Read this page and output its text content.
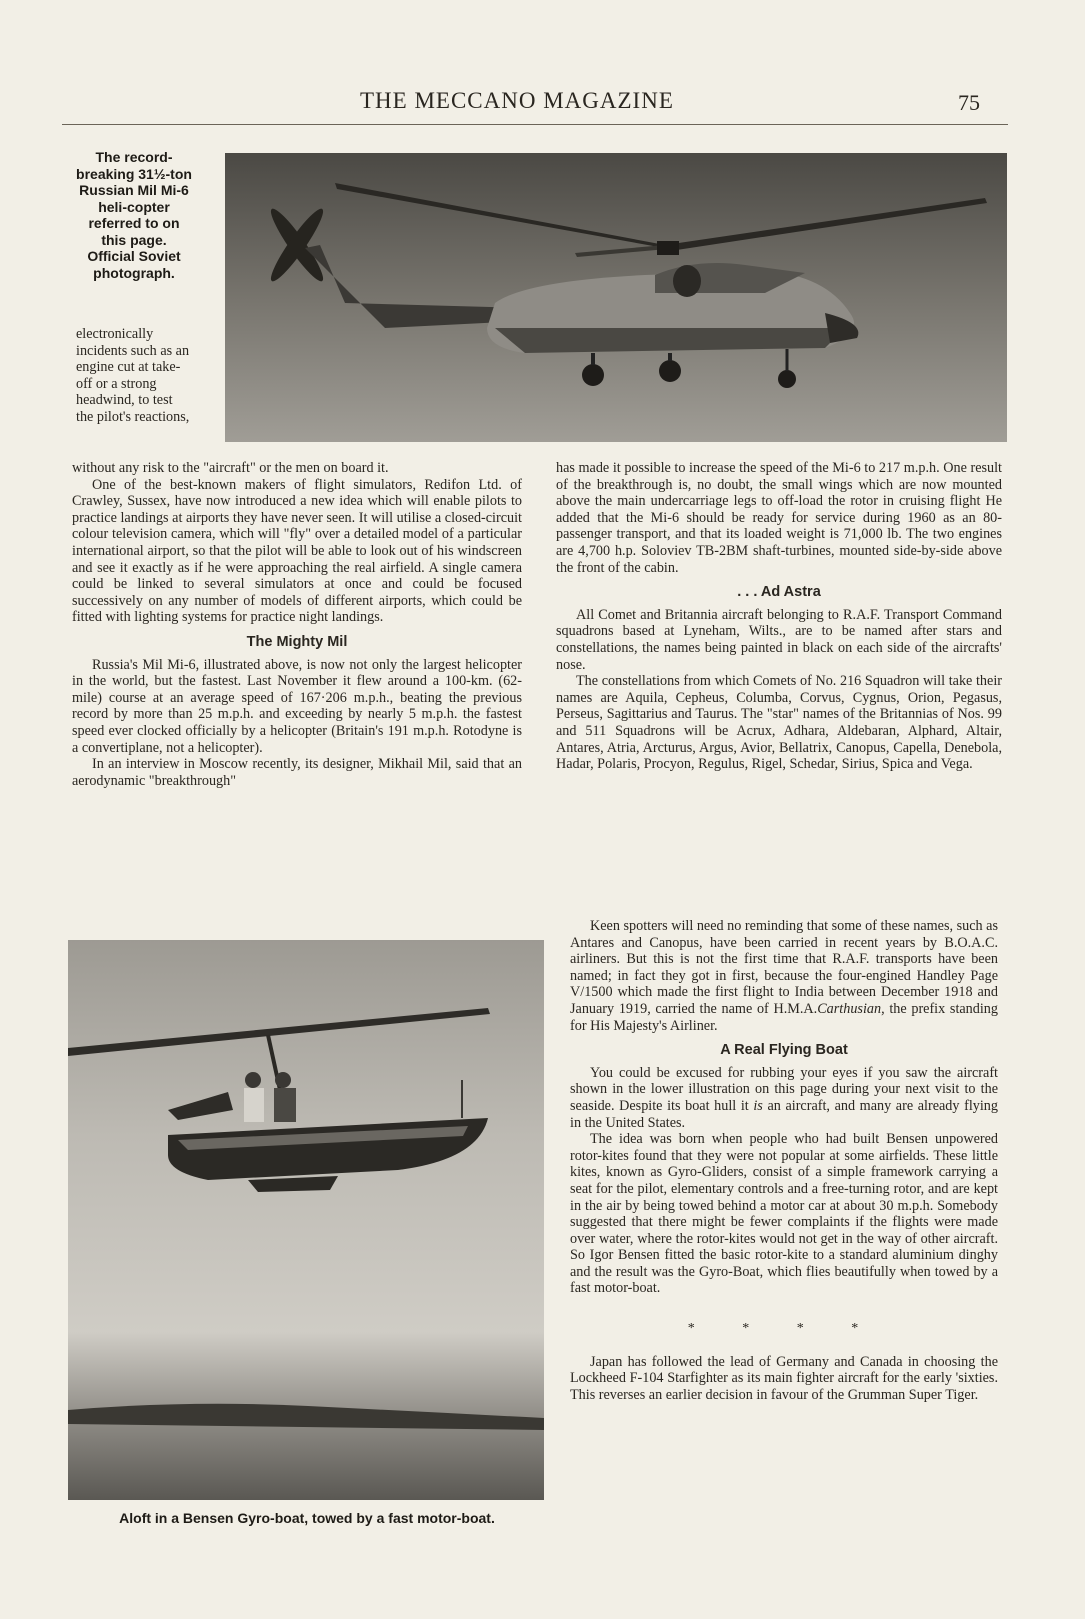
THE MECCANO MAGAZINE	75
The record-breaking 31½-ton Russian Mil Mi-6 heli-copter referred to on this page. Official Soviet photograph.

electronically incidents such as an engine cut at take-off or a strong headwind, to test the pilot's reactions,

without any risk to the "aircraft" or the men on board it.

One of the best-known makers of flight simulators, Redifon Ltd. of Crawley, Sussex, have now introduced a new idea which will enable pilots to practice landings at airports they have never seen. It will utilise a closed-circuit colour television camera, which will "fly" over a detailed model of a particular international airport, so that the pilot will be able to look out of his windscreen and see it exactly as if he were approaching the real airfield. A single camera could be linked to several simulators at once and could be focused successively on any number of models of different airports, which could be fitted with lighting systems for practice night landings.

The Mighty Mil

Russia's Mil Mi-6, illustrated above, is now not only the largest helicopter in the world, but the fastest. Last November it flew around a 100-km. (62-mile) course at an average speed of 167·206 m.p.h., beating the previous record by more than 25 m.p.h. and exceeding by nearly 5 m.p.h. the fastest speed ever clocked officially by a helicopter (Britain's 191 m.p.h. Rotodyne is a convertiplane, not a helicopter).

In an interview in Moscow recently, its designer, Mikhail Mil, said that an aerodynamic "breakthrough"

has made it possible to increase the speed of the Mi-6 to 217 m.p.h. One result of the breakthrough is, no doubt, the small wings which are now mounted above the main undercarriage legs to off-load the rotor in cruising flight He added that the Mi-6 should be ready for service during 1960 as an 80-passenger transport, and that its loaded weight is 71,000 lb. The two engines are 4,700 h.p. Soloviev TB-2BM shaft-turbines, mounted side-by-side above the front of the cabin.

. . . Ad Astra

All Comet and Britannia aircraft belonging to R.A.F. Transport Command squadrons based at Lyneham, Wilts., are to be named after stars and constellations, the names being painted in black on each side of the aircrafts' nose.

The constellations from which Comets of No. 216 Squadron will take their names are Aquila, Cepheus, Columba, Corvus, Cygnus, Orion, Pegasus, Perseus, Sagittarius and Taurus. The "star" names of the Britannias of Nos. 99 and 511 Squadrons will be Acrux, Adhara, Aldebaran, Alphard, Altair, Antares, Atria, Arcturus, Argus, Avior, Bellatrix, Canopus, Capella, Denebola, Hadar, Polaris, Procyon, Regulus, Rigel, Schedar, Sirius, Spica and Vega.

Keen spotters will need no reminding that some of these names, such as Antares and Canopus, have been carried in recent years by B.O.A.C. airliners. But this is not the first time that R.A.F. transports have been named; in fact they got in first, because the four-engined Handley Page V/1500 which made the first flight to India between December 1918 and January 1919, carried the name of H.M.A.Carthusian, the prefix standing for His Majesty's Airliner.

A Real Flying Boat

You could be excused for rubbing your eyes if you saw the aircraft shown in the lower illustration on this page during your next visit to the seaside. Despite its boat hull it is an aircraft, and many are already flying in the United States.

The idea was born when people who had built Bensen unpowered rotor-kites found that they were not popular at some airfields. These little kites, known as Gyro-Gliders, consist of a simple framework carrying a seat for the pilot, elementary controls and a free-turning rotor, and are kept in the air by being towed behind a motor car at about 30 m.p.h. Somebody suggested that there might be fewer complaints if the flights were made over water, where the rotor-kites would not get in the way of other aircraft. So Igor Bensen fitted the basic rotor-kite to a standard aluminium dinghy and the result was the Gyro-Boat, which flies beautifully when towed by a fast motor-boat.

* * * *

Japan has followed the lead of Germany and Canada in choosing the Lockheed F-104 Starfighter as its main fighter aircraft for the early 'sixties. This reverses an earlier decision in favour of the Grumman Super Tiger.

Aloft in a Bensen Gyro-boat, towed by a fast motor-boat.
